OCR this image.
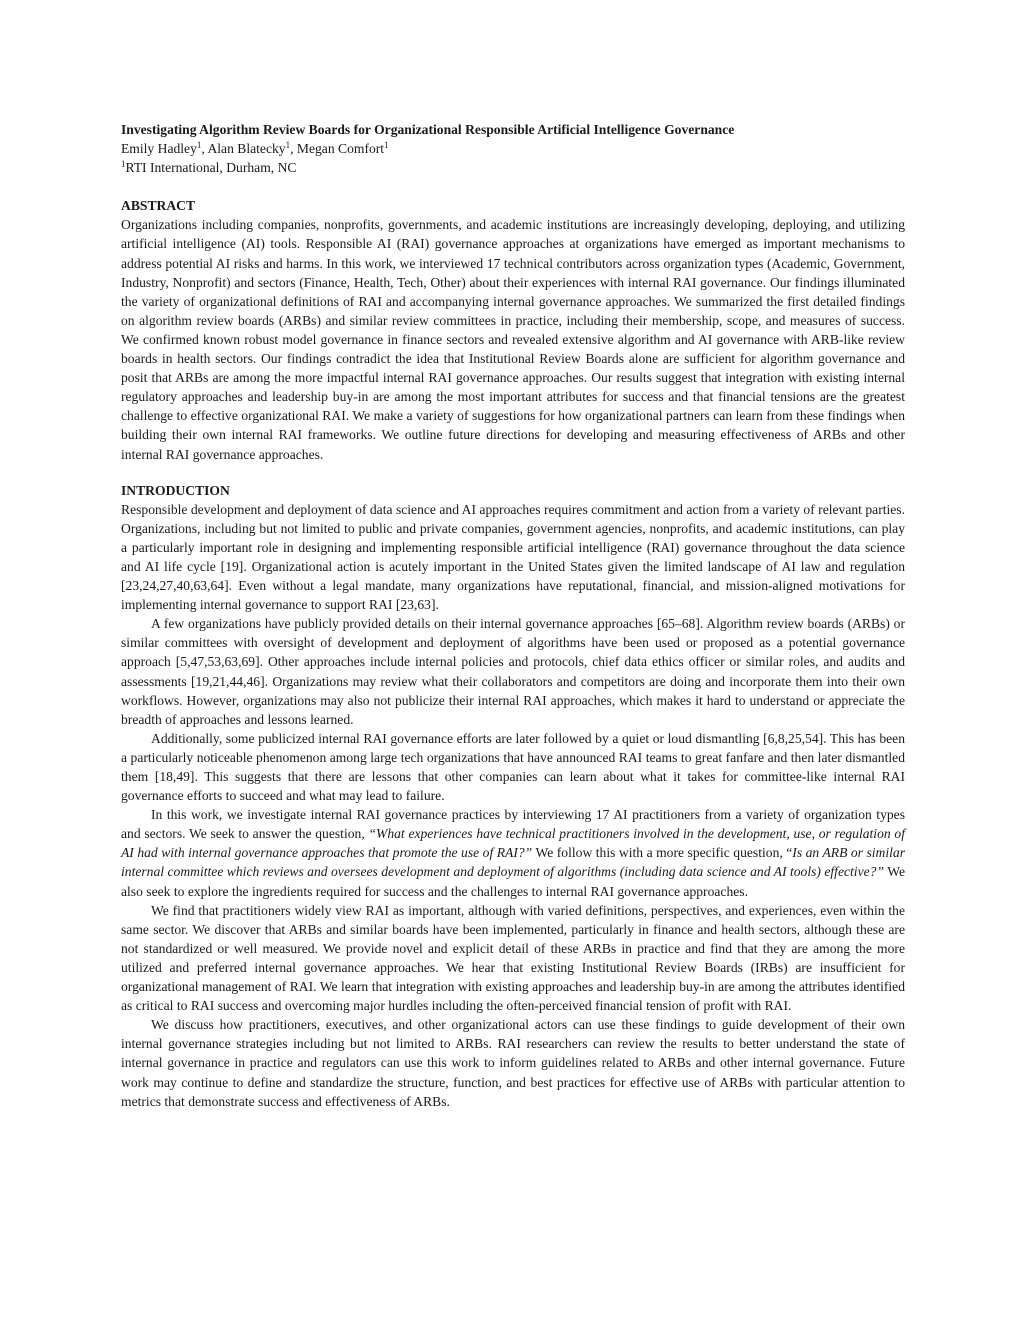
Investigating Algorithm Review Boards for Organizational Responsible Artificial Intelligence Governance

Emily Hadley$^1$, Alan Blatecky$^1$, Megan Comfort$^1$

$^1$RTI International, Durham, NC

ABSTRACT

Organizations including companies, nonprofits, governments, and academic institutions are increasingly developing, deploying, and utilizing artificial intelligence (AI) tools. Responsible AI (RAI) governance approaches at organizations have emerged as important mechanisms to address potential AI risks and harms. In this work, we interviewed 17 technical contributors across organization types (Academic, Government, Industry, Nonprofit) and sectors (Finance, Health, Tech, Other) about their experiences with internal RAI governance. Our findings illuminated the variety of organizational definitions of RAI and accompanying internal governance approaches. We summarized the first detailed findings on algorithm review boards (ARBs) and similar review committees in practice, including their membership, scope, and measures of success. We confirmed known robust model governance in finance sectors and revealed extensive algorithm and AI governance with ARB-like review boards in health sectors. Our findings contradict the idea that Institutional Review Boards alone are sufficient for algorithm governance and posit that ARBs are among the more impactful internal RAI governance approaches. Our results suggest that integration with existing internal regulatory approaches and leadership buy-in are among the most important attributes for success and that financial tensions are the greatest challenge to effective organizational RAI. We make a variety of suggestions for how organizational partners can learn from these findings when building their own internal RAI frameworks. We outline future directions for developing and measuring effectiveness of ARBs and other internal RAI governance approaches.

INTRODUCTION

Responsible development and deployment of data science and AI approaches requires commitment and action from a variety of relevant parties. Organizations, including but not limited to public and private companies, government agencies, nonprofits, and academic institutions, can play a particularly important role in designing and implementing responsible artificial intelligence (RAI) governance throughout the data science and AI life cycle [19]. Organizational action is acutely important in the United States given the limited landscape of AI law and regulation [23,24,27,40,63,64]. Even without a legal mandate, many organizations have reputational, financial, and mission-aligned motivations for implementing internal governance to support RAI [23,63].

A few organizations have publicly provided details on their internal governance approaches [65–68]. Algorithm review boards (ARBs) or similar committees with oversight of development and deployment of algorithms have been used or proposed as a potential governance approach [5,47,53,63,69]. Other approaches include internal policies and protocols, chief data ethics officer or similar roles, and audits and assessments [19,21,44,46]. Organizations may review what their collaborators and competitors are doing and incorporate them into their own workflows. However, organizations may also not publicize their internal RAI approaches, which makes it hard to understand or appreciate the breadth of approaches and lessons learned.

Additionally, some publicized internal RAI governance efforts are later followed by a quiet or loud dismantling [6,8,25,54]. This has been a particularly noticeable phenomenon among large tech organizations that have announced RAI teams to great fanfare and then later dismantled them [18,49]. This suggests that there are lessons that other companies can learn about what it takes for committee-like internal RAI governance efforts to succeed and what may lead to failure.

In this work, we investigate internal RAI governance practices by interviewing 17 AI practitioners from a variety of organization types and sectors. We seek to answer the question, “What experiences have technical practitioners involved in the development, use, or regulation of AI had with internal governance approaches that promote the use of RAI?” We follow this with a more specific question, “Is an ARB or similar internal committee which reviews and oversees development and deployment of algorithms (including data science and AI tools) effective?” We also seek to explore the ingredients required for success and the challenges to internal RAI governance approaches.

We find that practitioners widely view RAI as important, although with varied definitions, perspectives, and experiences, even within the same sector. We discover that ARBs and similar boards have been implemented, particularly in finance and health sectors, although these are not standardized or well measured. We provide novel and explicit detail of these ARBs in practice and find that they are among the more utilized and preferred internal governance approaches. We hear that existing Institutional Review Boards (IRBs) are insufficient for organizational management of RAI. We learn that integration with existing approaches and leadership buy-in are among the attributes identified as critical to RAI success and overcoming major hurdles including the often-perceived financial tension of profit with RAI.

We discuss how practitioners, executives, and other organizational actors can use these findings to guide development of their own internal governance strategies including but not limited to ARBs. RAI researchers can review the results to better understand the state of internal governance in practice and regulators can use this work to inform guidelines related to ARBs and other internal governance. Future work may continue to define and standardize the structure, function, and best practices for effective use of ARBs with particular attention to metrics that demonstrate success and effectiveness of ARBs.
